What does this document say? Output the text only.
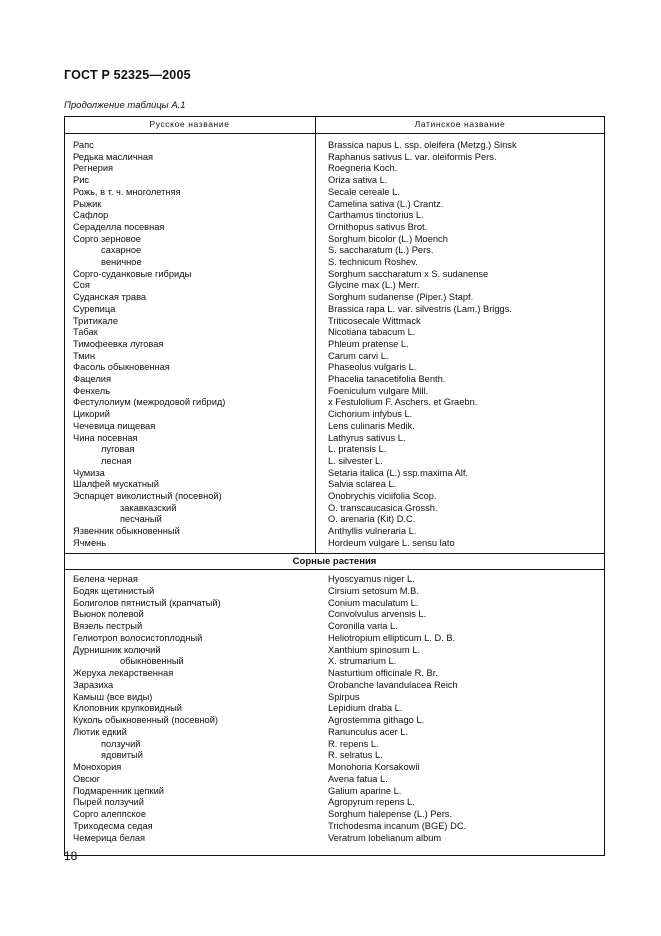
ГОСТ Р 52325—2005
Продолжение таблицы А.1
Русское название	Латинское название
Сорные растения
Рапс	Brassica napus L. ssp. oleifera (Metzg.) Sinsk
Редька масличная	Raphanus sativus L. var. oleiformis Pers.
Регнерия	Roegneria Koch.
Рис	Oriza sativa L.
Рожь, в т. ч. многолетняя	Secale cereale L.
Рыжик	Camelina sativa (L.) Crantz.
Сафлор	Carthamus tinctorius L.
Сераделла посевная	Ornithopus sativus Brot.
Сорго зерновое	Sorghum bicolor (L.) Moench
сахарное	S. saccharatum (L.) Pers.
веничное	S. technicum Roshev.
Сорго-суданковые гибриды	Sorghum saccharatum x S. sudanense
Соя	Glycine max (L.) Merr.
Суданская трава	Sorghum sudanense (Piper.) Stapf.
Сурепица	Brassica rapa L. var. silvestris (Lam.) Briggs.
Тритикале	Triticosecale Wittmack
Табак	Nicotiana tabacum L.
Тимофеевка луговая	Phleum pratense L.
Тмин	Carum carvi L.
Фасоль обыкновенная	Phaseolus vulgaris L.
Фацелия	Phacelia tanacetifolia Benth.
Фенхель	Foeniculum vulgare Mill.
Фестулолиум (межродовой гибрид)	x Festulolium F. Aschers. et Graebn.
Цикорий	Cichorium infybus L.
Чечевица пищевая	Lens culinaris Medik.
Чина посевная	Lathyrus sativus L.
луговая	L. pratensis L.
лесная	L. silvester L.
Чумиза	Setaria italica (L.) ssp.maxima Alf.
Шалфей мускатный	Salvia sclarea L.
Эспарцет виколистный (посевной)	Onobrychis viciifolia Scop.
закавказский	O. transcaucasica Grossh.
песчаный	O. arenaria (Kit) D.C.
Язвенник обыкновенный	Anthyllis vulneraria L.
Ячмень	Hordeum vulgare L. sensu lato
Белена черная	Hyoscyamus niger L.
Бодяк щетинистый	Cirsium setosum M.B.
Болиголов пятнистый (крапчатый)	Conium maculatum L.
Вьюнок полевой	Convolvulus arvensis L.
Вязель пестрый	Coronilla varia L.
Гелиотроп волосистоплодный	Heliotropium ellipticum L. D. B.
Дурнишник колючий	Xanthium spinosum L.
обыкновенный	X. strumarium L.
Жеруха лекарственная	Nasturtium officinale R. Br.
Заразиха	Orobanche lavandulacea Reich
Камыш (все виды)	Spirpus
Клоповник крупковидный	Lepidium draba L.
Куколь обыкновенный (посевной)	Agrostemma githago L.
Лютик едкий	Ranunculus acer L.
ползучий	R. repens L.
ядовитый	R. selratus L.
Монохория	Monohoria Korsakowii
Овсюг	Avena fatua L.
Подмаренник цепкий	Galium aparine L.
Пырей ползучий	Agropyrum repens L.
Сорго алеппское	Sorghum halepense (L.) Pers.
Триходесма седая	Trichodesma incanum (BGE) DC.
Чемерица белая	Veratrum lobelianum album
18
